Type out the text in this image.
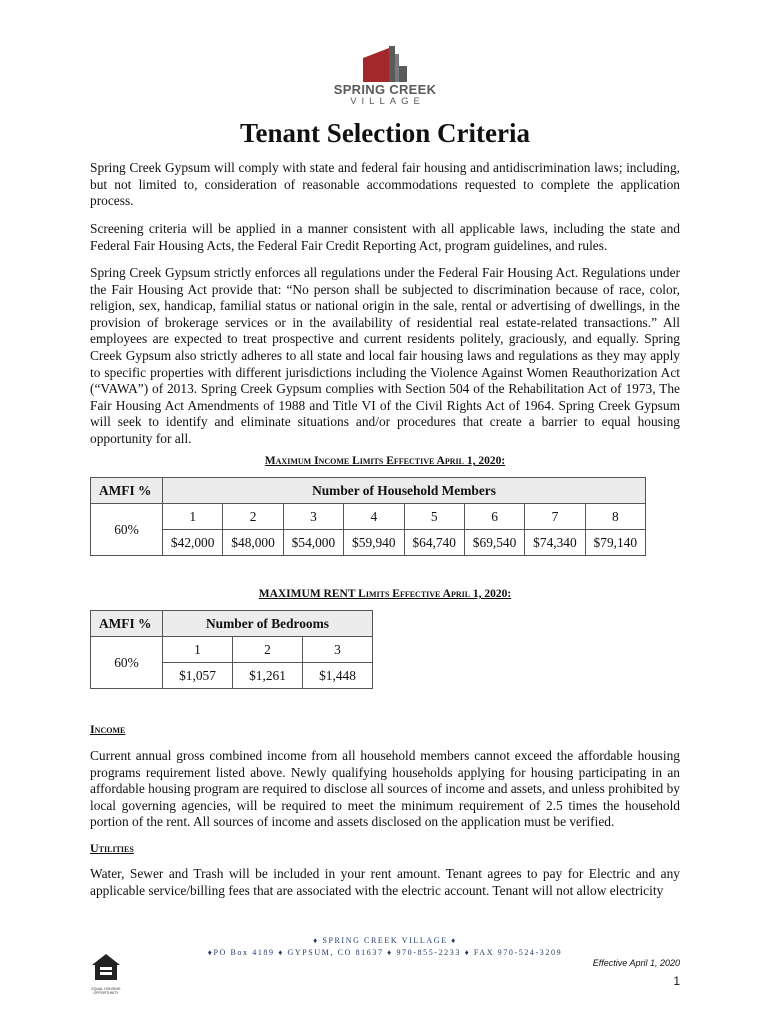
SPRING CREEK
VILLAGE
Tenant Selection Criteria

Spring Creek Gypsum will comply with state and federal fair housing and antidiscrimination laws; including, but not limited to, consideration of reasonable accommodations requested to complete the application process.

Screening criteria will be applied in a manner consistent with all applicable laws, including the state and Federal Fair Housing Acts, the Federal Fair Credit Reporting Act, program guidelines, and rules.

Spring Creek Gypsum strictly enforces all regulations under the Federal Fair Housing Act. Regulations under the Fair Housing Act provide that: “No person shall be subjected to discrimination because of race, color, religion, sex, handicap, familial status or national origin in the sale, rental or advertising of dwellings, in the provision of brokerage services or in the availability of residential real estate-related transactions.” All employees are expected to treat prospective and current residents politely, graciously, and equally. Spring Creek Gypsum also strictly adheres to all state and local fair housing laws and regulations as they may apply to specific properties with different jurisdictions including the Violence Against Women Reauthorization Act (“VAWA”) of 2013. Spring Creek Gypsum complies with Section 504 of the Rehabilitation Act of 1973, The Fair Housing Act Amendments of 1988 and Title VI of the Civil Rights Act of 1964. Spring Creek Gypsum will seek to identify and eliminate situations and/or procedures that create a barrier to equal housing opportunity for all.

Maximum Income Limits Effective April 1, 2020:
AMFI %	Number of Household Members							
60%	1	2	3	4	5	6	7	8
	$42,000	$48,000	$54,000	$59,940	$64,740	$69,540	$74,340	$79,140
MAXIMUM RENT Limits Effective April 1, 2020:
AMFI %	Number of Bedrooms		
60%	1	2	3
	$1,057	$1,261	$1,448
Income

Current annual gross combined income from all household members cannot exceed the affordable housing programs requirement listed above. Newly qualifying households applying for housing participating in an affordable housing program are required to disclose all sources of income and assets, and unless prohibited by local governing agencies, will be required to meet the minimum requirement of 2.5 times the household portion of the rent. All sources of income and assets disclosed on the application must be verified.

Utilities

Water, Sewer and Trash will be included in your rent amount. Tenant agrees to pay for Electric and any applicable service/billing fees that are associated with the electric account. Tenant will not allow electricity

♦ SPRING CREEK VILLAGE ♦
♦PO Box 4189 ♦ GYPSUM, CO 81637 ♦ 970-855-2233 ♦ FAX 970-524-3209
EQUAL HOUSING OPPORTUNITY
Effective April 1, 2020
1
